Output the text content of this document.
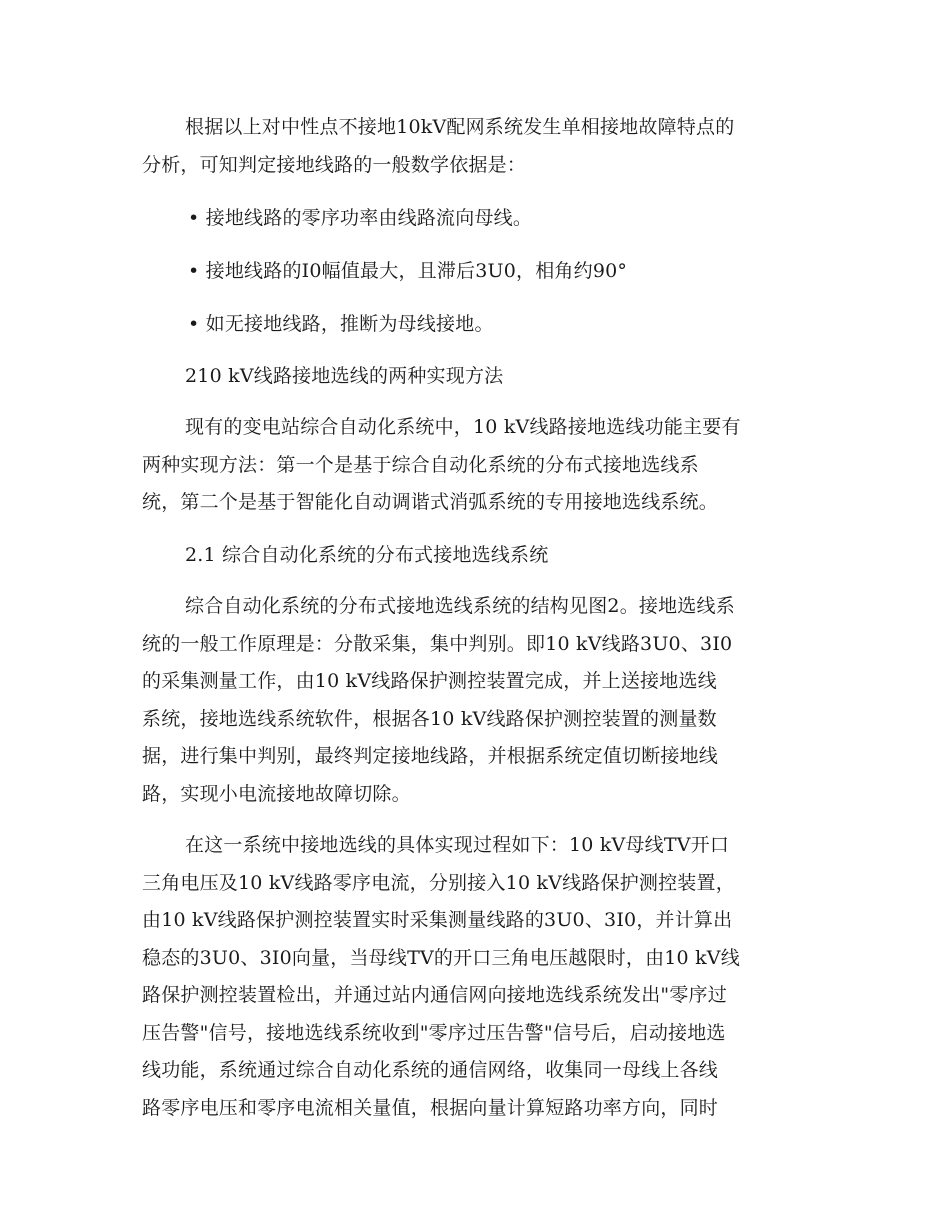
根据以上对中性点不接地10kV配网系统发生单相接地故障特点的
分析，可知判定接地线路的一般数学依据是：
• 接地线路的零序功率由线路流向母线。
• 接地线路的I0幅值最大，且滞后3U0，相角约90°
• 如无接地线路，推断为母线接地。
210 kV线路接地选线的两种实现方法
现有的变电站综合自动化系统中，10 kV线路接地选线功能主要有
两种实现方法：第一个是基于综合自动化系统的分布式接地选线系
统，第二个是基于智能化自动调谐式消弧系统的专用接地选线系统。
2.1 综合自动化系统的分布式接地选线系统
综合自动化系统的分布式接地选线系统的结构见图2。接地选线系
统的一般工作原理是：分散采集，集中判别。即10 kV线路3U0、3I0
的采集测量工作，由10 kV线路保护测控装置完成，并上送接地选线
系统，接地选线系统软件，根据各10 kV线路保护测控装置的测量数
据，进行集中判别，最终判定接地线路，并根据系统定值切断接地线
路，实现小电流接地故障切除。
在这一系统中接地选线的具体实现过程如下：10 kV母线TV开口
三角电压及10 kV线路零序电流，分别接入10 kV线路保护测控装置，
由10 kV线路保护测控装置实时采集测量线路的3U0、3I0，并计算出
稳态的3U0、3I0向量，当母线TV的开口三角电压越限时，由10 kV线
路保护测控装置检出，并通过站内通信网向接地选线系统发出"零序过
压告警"信号，接地选线系统收到"零序过压告警"信号后，启动接地选
线功能，系统通过综合自动化系统的通信网络，收集同一母线上各线
路零序电压和零序电流相关量值，根据向量计算短路功率方向，同时
